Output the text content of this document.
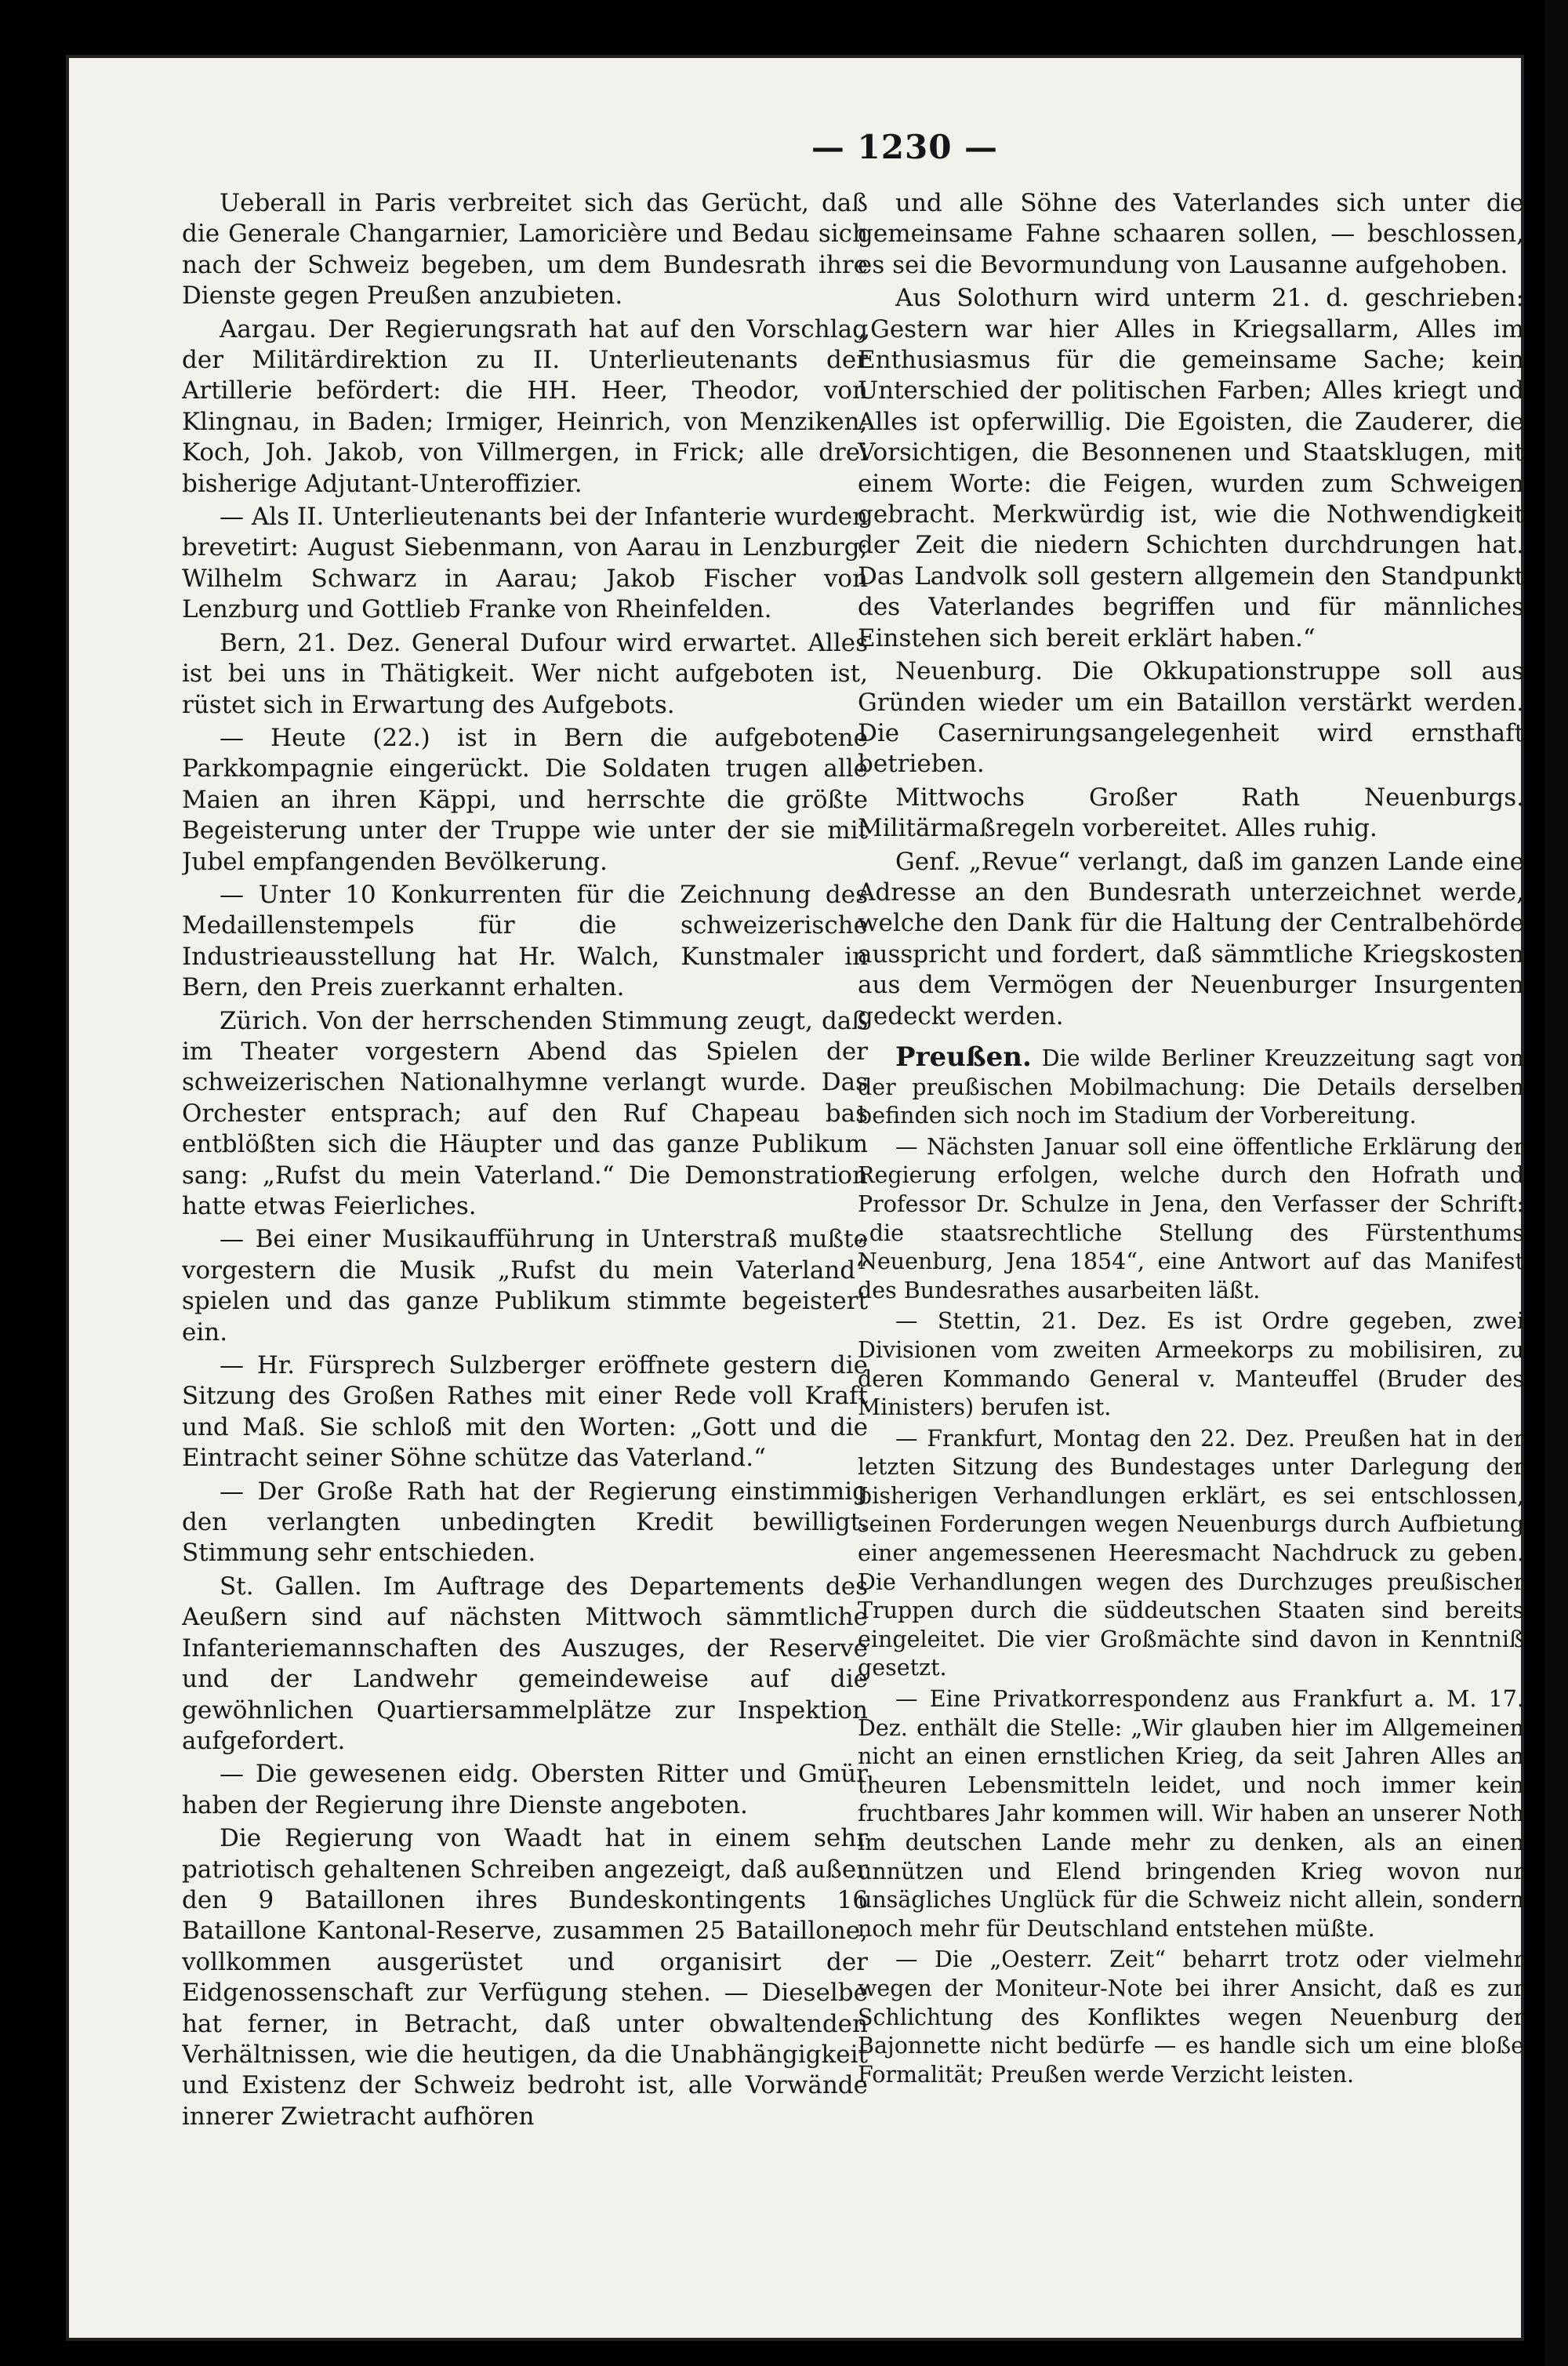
— 1230 —

Ueberall in Paris verbreitet sich das Gerücht, daß die Generale Changarnier, Lamoricière und Bedau sich nach der Schweiz begeben, um dem Bundesrath ihre Dienste gegen Preußen anzubieten.

Aargau. Der Regierungsrath hat auf den Vorschlag der Militärdirektion zu II. Unterlieutenants der Artillerie befördert: die HH. Heer, Theodor, von Klingnau, in Baden; Irmiger, Heinrich, von Menziken; Koch, Joh. Jakob, von Villmergen, in Frick; alle drei bisherige Adjutant-Unteroffizier.

— Als II. Unterlieutenants bei der Infanterie wurden brevetirt: August Siebenmann, von Aarau in Lenzburg; Wilhelm Schwarz in Aarau; Jakob Fischer von Lenzburg und Gottlieb Franke von Rheinfelden.

Bern, 21. Dez. General Dufour wird erwartet. Alles ist bei uns in Thätigkeit. Wer nicht aufgeboten ist, rüstet sich in Erwartung des Aufgebots.

— Heute (22.) ist in Bern die aufgebotene Parkkompagnie eingerückt. Die Soldaten trugen alle Maien an ihren Käppi, und herrschte die größte Begeisterung unter der Truppe wie unter der sie mit Jubel empfangenden Bevölkerung.

— Unter 10 Konkurrenten für die Zeichnung des Medaillenstempels für die schweizerische Industrieausstellung hat Hr. Walch, Kunstmaler in Bern, den Preis zuerkannt erhalten.

Zürich. Von der herrschenden Stimmung zeugt, daß im Theater vorgestern Abend das Spielen der schweizerischen Nationalhymne verlangt wurde. Das Orchester entsprach; auf den Ruf Chapeau bas entblößten sich die Häupter und das ganze Publikum sang: „Rufst du mein Vaterland.“ Die Demonstration hatte etwas Feierliches.

— Bei einer Musikaufführung in Unterstraß mußte vorgestern die Musik „Rufst du mein Vaterland“ spielen und das ganze Publikum stimmte begeistert ein.

— Hr. Fürsprech Sulzberger eröffnete gestern die Sitzung des Großen Rathes mit einer Rede voll Kraft und Maß. Sie schloß mit den Worten: „Gott und die Eintracht seiner Söhne schütze das Vaterland.“

— Der Große Rath hat der Regierung einstimmig den verlangten unbedingten Kredit bewilligt. Stimmung sehr entschieden.

St. Gallen. Im Auftrage des Departements des Aeußern sind auf nächsten Mittwoch sämmtliche Infanteriemannschaften des Auszuges, der Reserve und der Landwehr gemeindeweise auf die gewöhnlichen Quartiersammelplätze zur Inspektion aufgefordert.

— Die gewesenen eidg. Obersten Ritter und Gmür haben der Regierung ihre Dienste angeboten.

Die Regierung von Waadt hat in einem sehr patriotisch gehaltenen Schreiben angezeigt, daß außer den 9 Bataillonen ihres Bundeskontingents 16 Bataillone Kantonal-Reserve, zusammen 25 Bataillone, vollkommen ausgerüstet und organisirt der Eidgenossenschaft zur Verfügung stehen. — Dieselbe hat ferner, in Betracht, daß unter obwaltenden Verhältnissen, wie die heutigen, da die Unabhängigkeit und Existenz der Schweiz bedroht ist, alle Vorwände innerer Zwietracht aufhören

und alle Söhne des Vaterlandes sich unter die gemeinsame Fahne schaaren sollen, — beschlossen, es sei die Bevormundung von Lausanne aufgehoben.

Aus Solothurn wird unterm 21. d. geschrieben: „Gestern war hier Alles in Kriegsallarm, Alles im Enthusiasmus für die gemeinsame Sache; kein Unterschied der politischen Farben; Alles kriegt und Alles ist opferwillig. Die Egoisten, die Zauderer, die Vorsichtigen, die Besonnenen und Staatsklugen, mit einem Worte: die Feigen, wurden zum Schweigen gebracht. Merkwürdig ist, wie die Nothwendigkeit der Zeit die niedern Schichten durchdrungen hat. Das Landvolk soll gestern allgemein den Standpunkt des Vaterlandes begriffen und für männliches Einstehen sich bereit erklärt haben.“

Neuenburg. Die Okkupationstruppe soll aus Gründen wieder um ein Bataillon verstärkt werden. Die Casernirungsangelegenheit wird ernsthaft betrieben.

Mittwochs Großer Rath Neuenburgs. Militärmaßregeln vorbereitet. Alles ruhig.

Genf. „Revue“ verlangt, daß im ganzen Lande eine Adresse an den Bundesrath unterzeichnet werde, welche den Dank für die Haltung der Centralbehörde ausspricht und fordert, daß sämmtliche Kriegskosten aus dem Vermögen der Neuenburger Insurgenten gedeckt werden.

Preußen. Die wilde Berliner Kreuzzeitung sagt von der preußischen Mobilmachung: Die Details derselben befinden sich noch im Stadium der Vorbereitung.

— Nächsten Januar soll eine öffentliche Erklärung der Regierung erfolgen, welche durch den Hofrath und Professor Dr. Schulze in Jena, den Verfasser der Schrift: „die staatsrechtliche Stellung des Fürstenthums Neuenburg, Jena 1854“, eine Antwort auf das Manifest des Bundesrathes ausarbeiten läßt.

— Stettin, 21. Dez. Es ist Ordre gegeben, zwei Divisionen vom zweiten Armeekorps zu mobilisiren, zu deren Kommando General v. Manteuffel (Bruder des Ministers) berufen ist.

— Frankfurt, Montag den 22. Dez. Preußen hat in der letzten Sitzung des Bundestages unter Darlegung der bisherigen Verhandlungen erklärt, es sei entschlossen, seinen Forderungen wegen Neuenburgs durch Aufbietung einer angemessenen Heeresmacht Nachdruck zu geben. Die Verhandlungen wegen des Durchzuges preußischer Truppen durch die süddeutschen Staaten sind bereits eingeleitet. Die vier Großmächte sind davon in Kenntniß gesetzt.

— Eine Privatkorrespondenz aus Frankfurt a. M. 17. Dez. enthält die Stelle: „Wir glauben hier im Allgemeinen nicht an einen ernstlichen Krieg, da seit Jahren Alles an theuren Lebensmitteln leidet, und noch immer kein fruchtbares Jahr kommen will. Wir haben an unserer Noth im deutschen Lande mehr zu denken, als an einen unnützen und Elend bringenden Krieg wovon nur unsägliches Unglück für die Schweiz nicht allein, sondern noch mehr für Deutschland entstehen müßte.

— Die „Oesterr. Zeit“ beharrt trotz oder vielmehr wegen der Moniteur-Note bei ihrer Ansicht, daß es zur Schlichtung des Konfliktes wegen Neuenburg der Bajonnette nicht bedürfe — es handle sich um eine bloße Formalität; Preußen werde Verzicht leisten.
